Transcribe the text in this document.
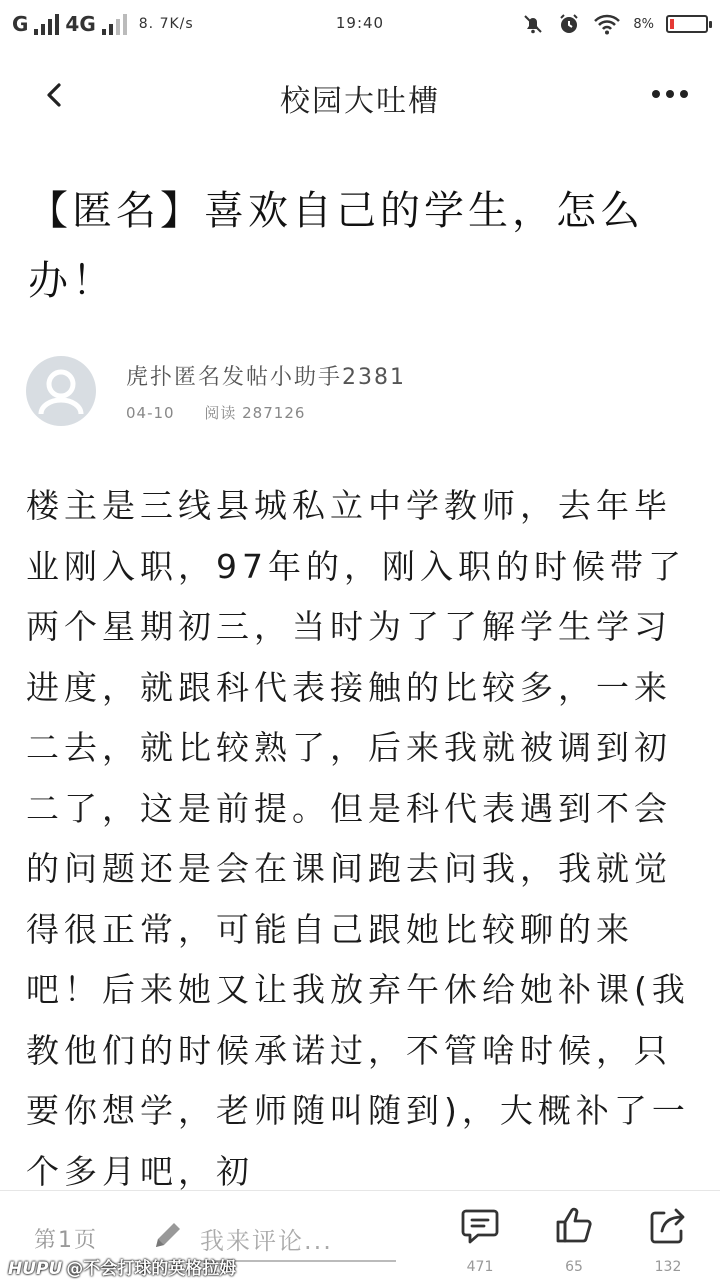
G 4G	8. 7K/s	19:40	8%
校园大吐槽
【匿名】喜欢自己的学生，怎么办！
虎扑匿名发帖小助手2381
04-10 阅读 287126
楼主是三线县城私立中学教师，去年毕业刚入职，97年的，刚入职的时候带了两个星期初三，当时为了了解学生学习进度，就跟科代表接触的比较多，一来二去，就比较熟了，后来我就被调到初二了，这是前提。但是科代表遇到不会的问题还是会在课间跑去问我，我就觉得很正常，可能自己跟她比较聊的来吧！后来她又让我放弃午休给她补课(我教他们的时候承诺过，不管啥时候，只要你想学，老师随叫随到)，大概补了一个多月吧，初
第1页	我来评论...
471	65	132
HUPU @不会打球的英格拉姆
